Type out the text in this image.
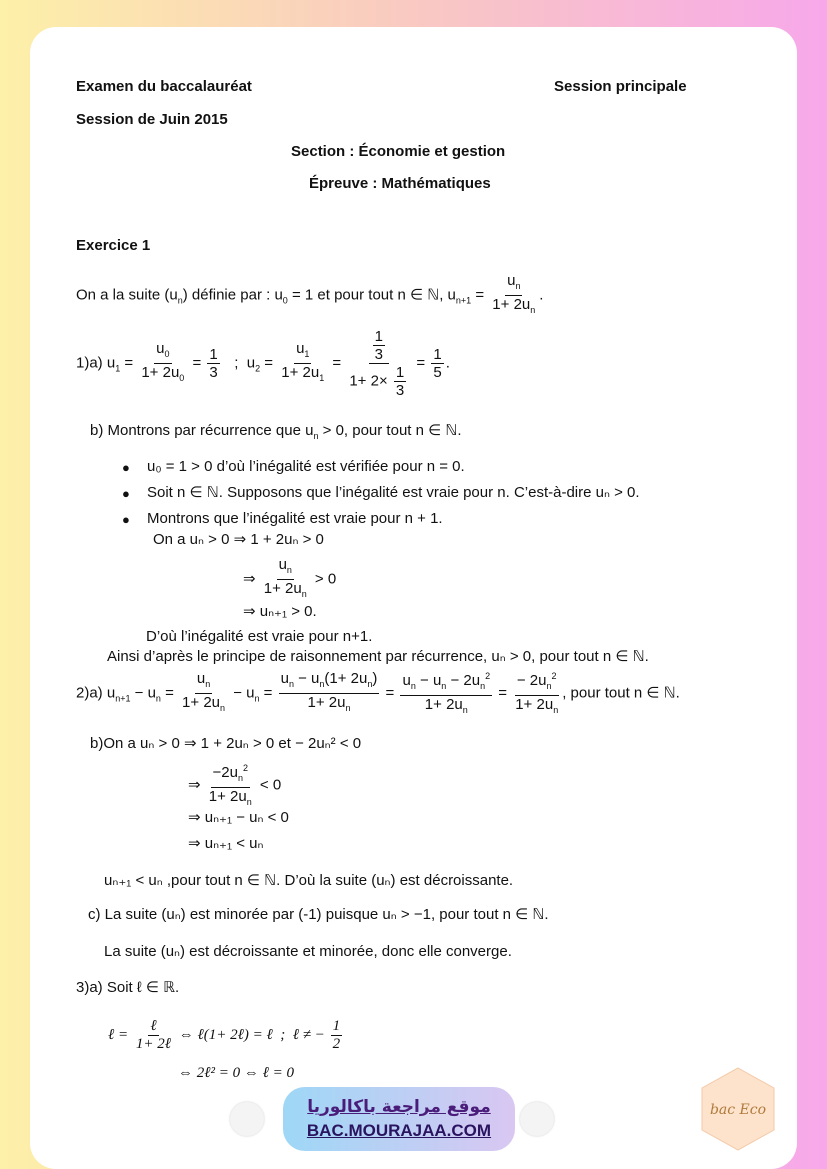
Examen du baccalauréat	Session principale
Session de Juin 2015
Section : Économie et gestion
Épreuve : Mathématiques
Exercice 1
On a la suite $(u_n)$ définie par : $u_0 = 1$ et pour tout n ∈ ℕ, $u_{n+1} = \frac{u_n}{1+ 2u_n}$ .
1)a) $u_1 = \frac{u_0}{1+ 2u_0} = \frac{1}{3}$ ;  $u_2 = \frac{u_1}{1+ 2u_1} = \frac{\frac{1}{3}}{1+ 2\times \frac{1}{3}} = \frac{1}{5}$ .
b) Montrons par récurrence que $u_n > 0$, pour tout n ∈ ℕ.
● u₀ = 1 > 0 d’où l’inégalité est vérifiée pour n = 0.
● Soit n ∈ ℕ. Supposons que l’inégalité est vraie pour n. C’est-à-dire uₙ > 0.
● Montrons que l’inégalité est vraie pour n + 1.
On a uₙ > 0 ⇒ 1 + 2uₙ > 0
⇒ $\frac{u_n}{1+ 2u_n} > 0$
⇒ uₙ₊₁ > 0.
D’où l’inégalité est vraie pour n+1.
Ainsi d’après le principe de raisonnement par récurrence, uₙ > 0, pour tout n ∈ ℕ.
2)a) $u_{n+1} - u_n = \frac{u_n}{1+ 2u_n} - u_n = \frac{u_n - u_n(1+ 2u_n)}{1+ 2u_n} = \frac{u_n - u_n - 2u_n^2}{1+ 2u_n} = \frac{- 2u_n^2}{1+ 2u_n}$ , pour tout n ∈ ℕ.
b)On a uₙ > 0 ⇒ 1 + 2uₙ > 0 et − 2uₙ² < 0
⇒ $\frac{-2u_n^2}{1+ 2u_n} < 0$
⇒ uₙ₊₁ − uₙ < 0
⇒ uₙ₊₁ < uₙ
uₙ₊₁ < uₙ ,pour tout n ∈ ℕ. D’où la suite (uₙ) est décroissante.
c) La suite (uₙ) est minorée par (-1) puisque uₙ > −1, pour tout n ∈ ℕ.
La suite (uₙ) est décroissante et minorée, donc elle converge.
3)a) Soit ℓ ∈ ℝ.
ℓ = $\frac{\text{ℓ}}{\text{1+ 2ℓ}}$ ⇔ ℓ(1+ 2ℓ) = ℓ  ;  ℓ ≠ − $\frac{1}{2}$
⇔ 2ℓ² = 0 ⇔ ℓ = 0
موقع مراجعة باكالوريا
BAC.MOURAJAA.COM
bac Eco
